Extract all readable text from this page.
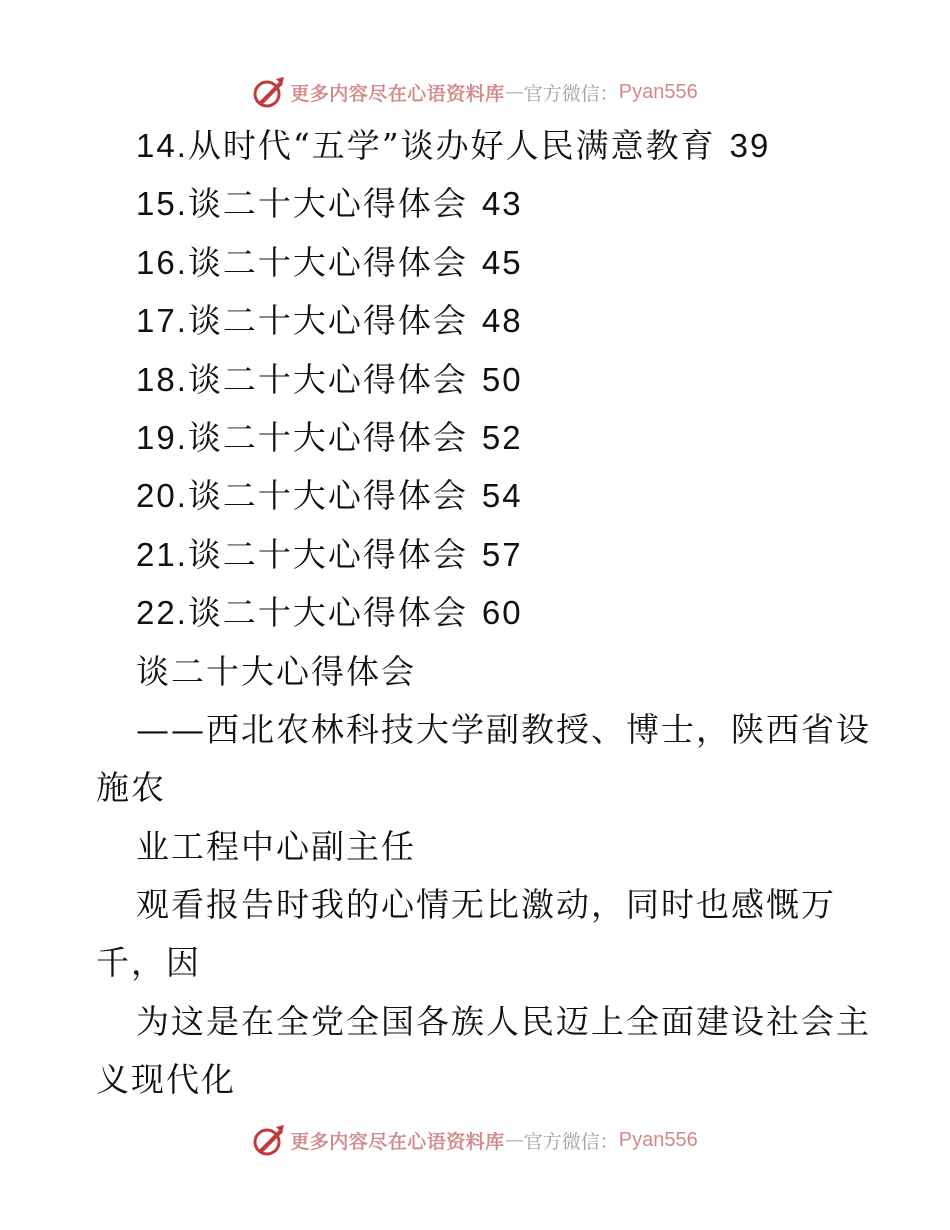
更多内容尽在心语资料库 — 官方微信： Pyan556
14.从时代“五学”谈办好人民满意教育 39
15.谈二十大心得体会 43
16.谈二十大心得体会 45
17.谈二十大心得体会 48
18.谈二十大心得体会 50
19.谈二十大心得体会 52
20.谈二十大心得体会 54
21.谈二十大心得体会 57
22.谈二十大心得体会 60
谈二十大心得体会
——西北农林科技大学副教授、博士，陕西省设
施农
业工程中心副主任
观看报告时我的心情无比激动，同时也感慨万
千，因
为这是在全党全国各族人民迈上全面建设社会主
义现代化
更多内容尽在心语资料库 — 官方微信： Pyan556
